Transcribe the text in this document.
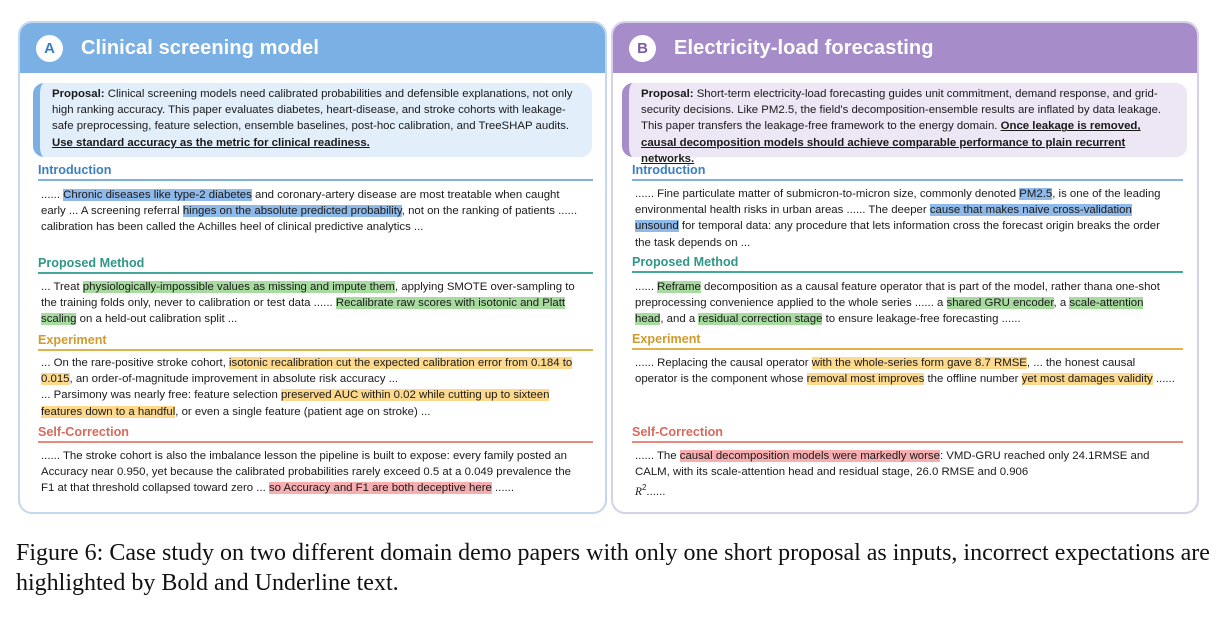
A	Clinical screening model
Proposal: Clinical screening models need calibrated probabilities and defensible explanations, not only high ranking accuracy. This paper evaluates diabetes, heart-disease, and stroke cohorts with leakage-safe preprocessing, feature selection, ensemble baselines, post-hoc calibration, and TreeSHAP audits. Use standard accuracy as the metric for clinical readiness.
Introduction
...... Chronic diseases like type-2 diabetes and coronary-artery disease are most treatable when caught early ... A screening referral hinges on the absolute predicted probability, not on the ranking of patients ...... calibration has been called the Achilles heel of clinical predictive analytics ...
Proposed Method
... Treat physiologically-impossible values as missing and impute them, applying SMOTE over-sampling to the training folds only, never to calibration or test data ...... Recalibrate raw scores with isotonic and Platt scaling on a held-out calibration split ...
Experiment
... On the rare-positive stroke cohort, isotonic recalibration cut the expected calibration error from 0.184 to 0.015, an order-of-magnitude improvement in absolute risk accuracy ...
... Parsimony was nearly free: feature selection preserved AUC within 0.02 while cutting up to sixteen features down to a handful, or even a single feature (patient age on stroke) ...
Self-Correction
...... The stroke cohort is also the imbalance lesson the pipeline is built to expose: every family posted an Accuracy near 0.950, yet because the calibrated probabilities rarely exceed 0.5 at a 0.049 prevalence the F1 at that threshold collapsed toward zero ... so Accuracy and F1 are both deceptive here ......
B	Electricity-load forecasting
Proposal: Short-term electricity-load forecasting guides unit commitment, demand response, and grid-security decisions. Like PM2.5, the field's decomposition-ensemble results are inflated by data leakage. This paper transfers the leakage-free framework to the energy domain. Once leakage is removed, causal decomposition models should achieve comparable performance to plain recurrent networks.
Introduction
...... Fine particulate matter of submicron-to-micron size, commonly denoted PM2.5, is one of the leading environmental health risks in urban areas ...... The deeper cause that makes naive cross-validation unsound for temporal data: any procedure that lets information cross the forecast origin breaks the order the task depends on ...
Proposed Method
...... Reframe decomposition as a causal feature operator that is part of the model, rather thana one-shot preprocessing convenience applied to the whole series ...... a shared GRU encoder, a scale-attention head, and a residual correction stage to ensure leakage-free forecasting ......
Experiment
...... Replacing the causal operator with the whole-series form gave 8.7 RMSE, ... the honest causal operator is the component whose removal most improves the offline number yet most damages validity ......
Self-Correction
...... The causal decomposition models were markedly worse: VMD-GRU reached only 24.1RMSE and CALM, with its scale-attention head and residual stage, 26.0 RMSE and 0.906
$R^2$......
Figure 6: Case study on two different domain demo papers with only one short proposal as inputs, incorrect expectations are highlighted by Bold and Underline text.
